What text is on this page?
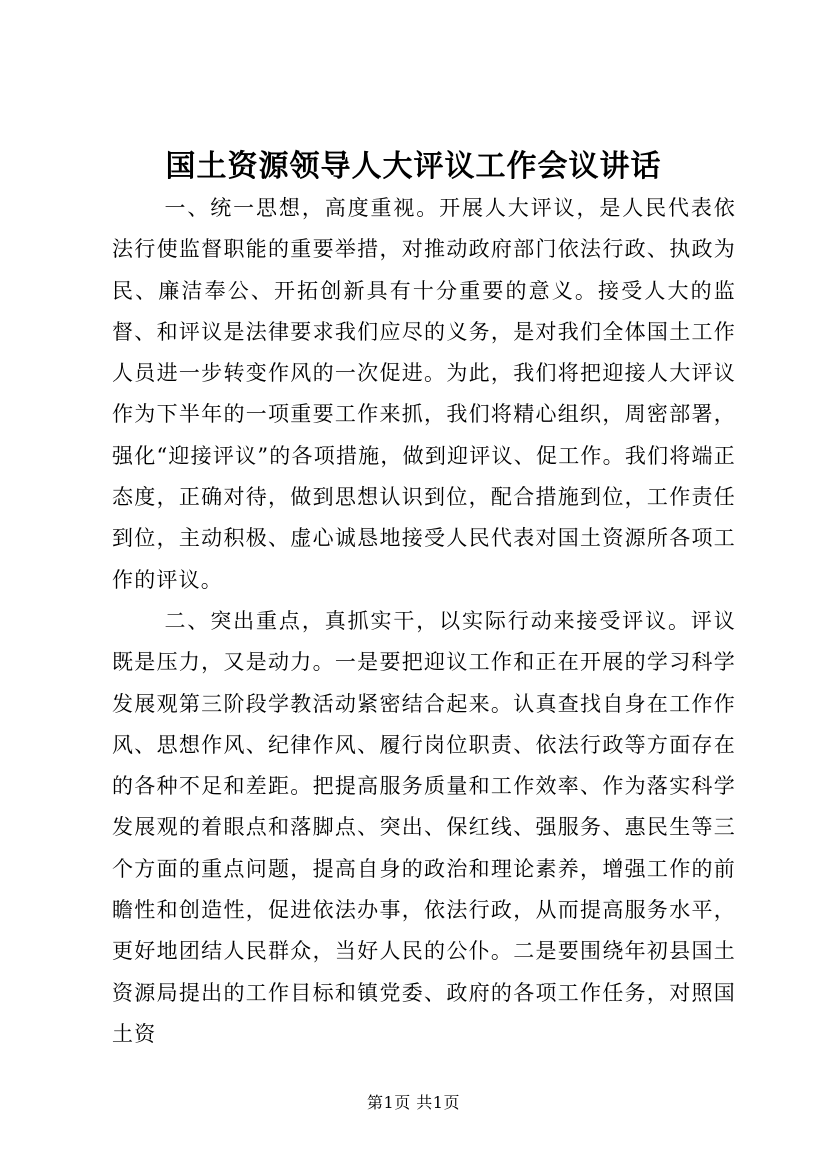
国土资源领导人大评议工作会议讲话

一、统一思想，高度重视。开展人大评议，是人民代表依法行使监督职能的重要举措，对推动政府部门依法行政、执政为民、廉洁奉公、开拓创新具有十分重要的意义。接受人大的监督、和评议是法律要求我们应尽的义务，是对我们全体国土工作人员进一步转变作风的一次促进。为此，我们将把迎接人大评议作为下半年的一项重要工作来抓，我们将精心组织，周密部署，强化“迎接评议”的各项措施，做到迎评议、促工作。我们将端正态度，正确对待，做到思想认识到位，配合措施到位，工作责任到位，主动积极、虚心诚恳地接受人民代表对国土资源所各项工作的评议。

二、突出重点，真抓实干，以实际行动来接受评议。评议既是压力，又是动力。一是要把迎议工作和正在开展的学习科学发展观第三阶段学教活动紧密结合起来。认真查找自身在工作作风、思想作风、纪律作风、履行岗位职责、依法行政等方面存在的各种不足和差距。把提高服务质量和工作效率、作为落实科学发展观的着眼点和落脚点、突出、保红线、强服务、惠民生等三个方面的重点问题，提高自身的政治和理论素养，增强工作的前瞻性和创造性，促进依法办事，依法行政，从而提高服务水平，更好地团结人民群众，当好人民的公仆。二是要围绕年初县国土资源局提出的工作目标和镇党委、政府的各项工作任务，对照国土资

第1页 共1页
